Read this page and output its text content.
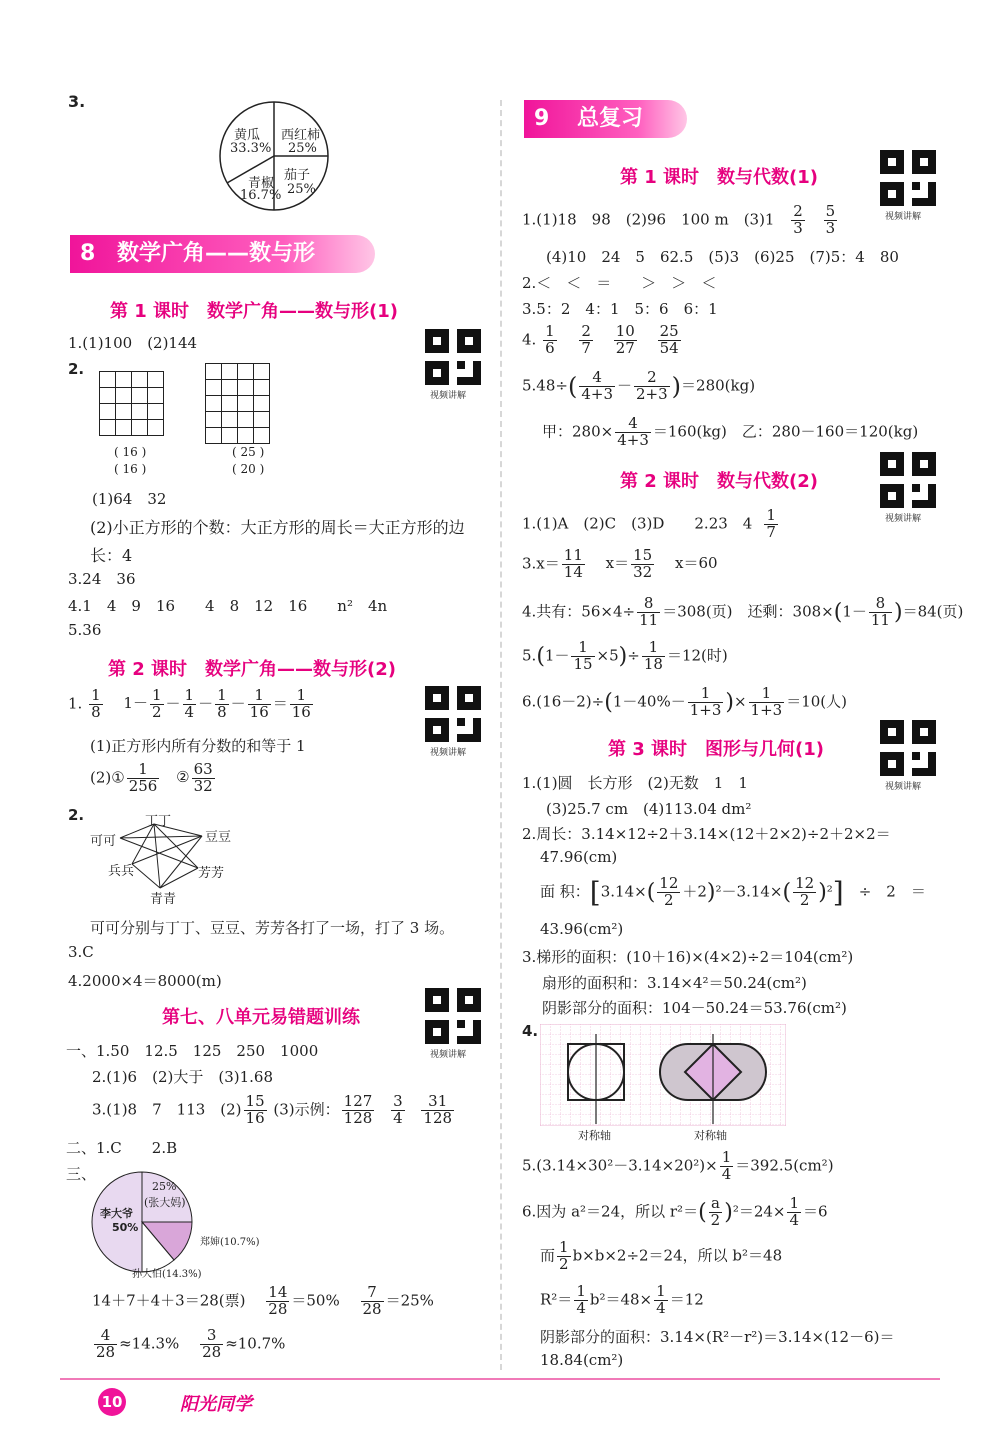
3.
黄瓜
33.3%
西红柿
25%
青椒
16.7%
茄子
25%
8 数学广角——数与形
第 1 课时　数学广角——数与形(1)
1.(1)100　(2)144
2.
( 16 )
( 16 )
( 25 )
( 20 )
(1)64　32
(2)小正方形的个数：大正方形的周长＝大正方形的边
长：4
3.24　36
4.1　4　9　16　　4　8　12　16　　n²　4n
5.36
第 2 课时　数学广角——数与形(2)
1. $\frac{1}{8} 1- \frac{1}{2} - \frac{1}{4} - \frac{1}{8} - \frac{1}{16} = \frac{1}{16}$
(1)正方形内所有分数的和等于 1
(2)① $\frac{1}{256}$ ② $\frac{63}{32}$
2.	丁丁
可可	豆豆
兵兵	芳芳
青青
可可分别与丁丁、豆豆、芳芳各打了一场，打了 3 场。
3.C
4.2000×4＝8000(m)
第七、八单元易错题训练
一、1.50　12.5　125　250　1000
2.(1)6　(2)大于　(3)1.68
3.(1)8　7　113　$(2) \frac{15}{16} (3)$示例： $\frac{127}{128}$
$\frac{3}{4}$
$\frac{31}{128}$
二、1.C　　2.B
三、
25%
(张大妈)
李大爷
50%
郑婶(10.7%)
孙大伯(14.3%)
14＋7＋4＋3＝28(票) $\frac{14}{28} =50\% \frac{7}{28} =25\%$
$\frac{4}{28} \approx 14.3\% \frac{3}{28} \approx 10.7\%$
视频讲解
视频讲解
视频讲解
9 总复习
第 1 课时　数与代数(1)
视频讲解
1.(1)18　98　(2)96　100 m　$(3)1 \frac{2}{3}$
$\frac{5}{3}$
(4)10　24　5　62.5　(5)3　(6)25　(7)5：4　80
2.＜　＜　＝　　＞　＞　＜
3.5：2　4：1　5：6　6：1
4. $\frac{1}{6}$
$\frac{2}{7}$
$\frac{10}{27}$
$\frac{25}{54}$
$5.48\div( \frac{4}{4+3} - \frac{2}{2+3} )=280(kg)$
甲：$280\times \frac{4}{4+3} =160(kg)$　乙：280－160＝120(kg)
第 2 课时　数与代数(2)
视频讲解
1.(1)A　(2)C　(3)D　　2.23　$4 \frac{1}{7}$
$3.x= \frac{11}{14} x= \frac{15}{32} x=60$
4.共有：$56\times 4\div \frac{8}{11} =308$(页)　还剩：$308\times(1- \frac{8}{11} )=84$(页)
$5.(1- \frac{1}{15} \times 5)\div \frac{1}{18} =12$(时)
$6.(16-2)\div(1-40\%- \frac{1}{1+3}$ )× $\frac{1}{1+3} =10$(人)
第 3 课时　图形与几何(1)
视频讲解
1.(1)圆　长方形　(2)无数　1　1
(3)25.7 cm　(4)113.04 dm²
2.周长：3.14×12÷2＋3.14×(12＋2×2)÷2＋2×2＝
47.96(cm)
面 积：$[3.14\times( \frac{12}{2} +2)^2-3.14\times( \frac{12}{2} )^2]$　÷　2　＝
43.96(cm²)
3.梯形的面积：(10＋16)×(4×2)÷2＝104(cm²)
扇形的面积和：3.14×4²＝50.24(cm²)
阴影部分的面积：104－50.24＝53.76(cm²)
4.
对称轴	对称轴
$5.(3.14\times 30^2-3.14\times 20^2)\times \frac{1}{4} =392.5(cm^2)$
6.因为 a²＝24，所以 $r^2=( \frac{a}{2} )^2=24\times \frac{1}{4} =6$
而 $\frac{1}{2} b\times b\times 2\div 2=24$，所以 b²＝48
$R^2= \frac{1}{4} b^2=48\times \frac{1}{4} =12$
阴影部分的面积：3.14×(R²－r²)＝3.14×(12－6)＝
18.84(cm²)
10	阳光同学
